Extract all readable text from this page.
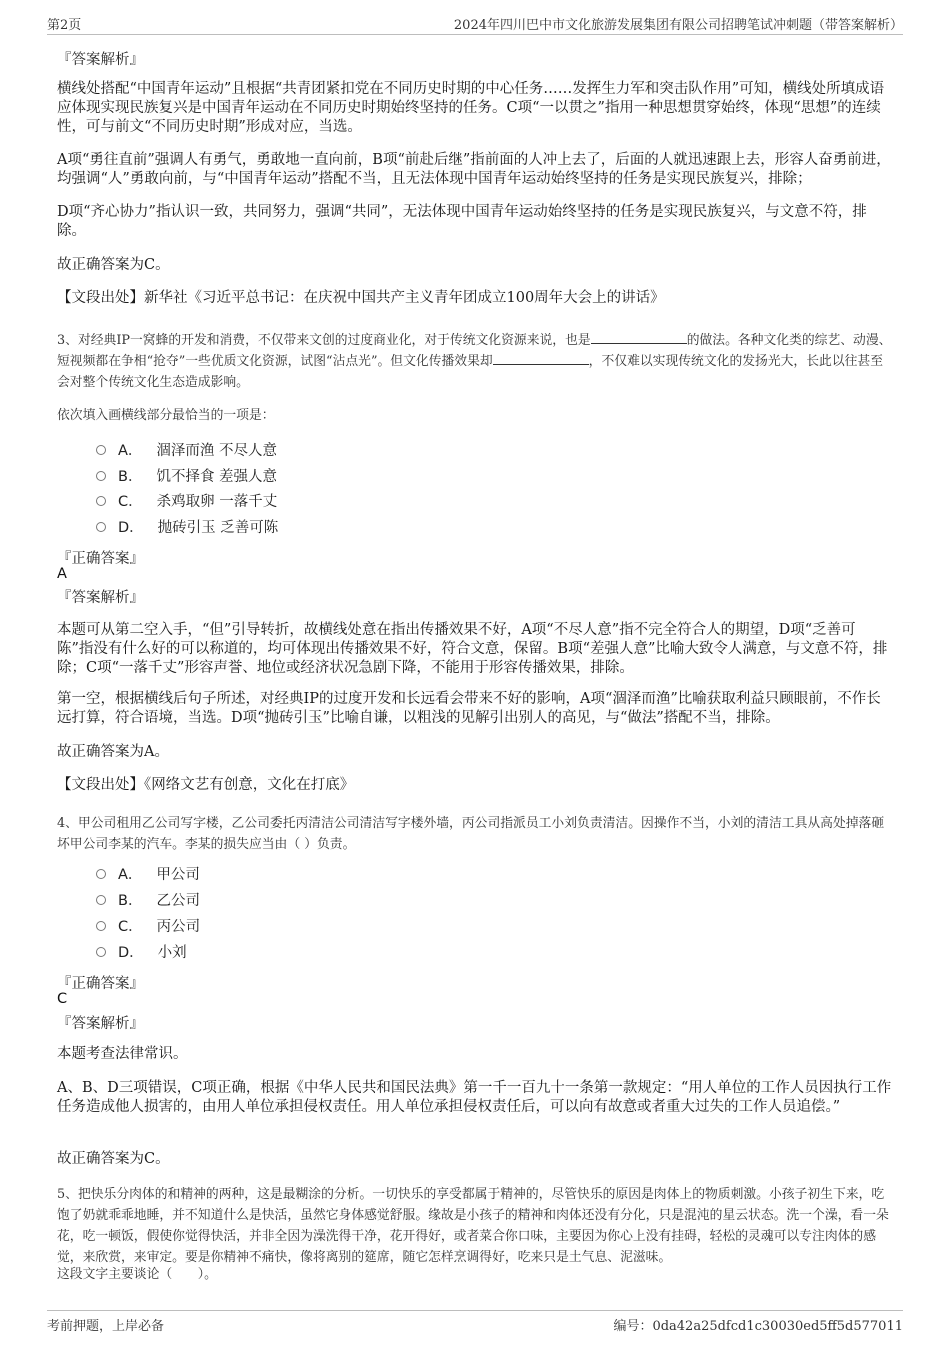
第2页	2024年四川巴中市文化旅游发展集团有限公司招聘笔试冲刺题（带答案解析）
『答案解析』

横线处搭配“中国青年运动”且根据“共青团紧扣党在不同历史时期的中心任务……发挥生力军和突击队作用”可知，横线处所填成语应体现实现民族复兴是中国青年运动在不同历史时期始终坚持的任务。C项“一以贯之”指用一种思想贯穿始终，体现“思想”的连续性，可与前文“不同历史时期”形成对应，当选。

A项“勇往直前”强调人有勇气，勇敢地一直向前，B项“前赴后继”指前面的人冲上去了，后面的人就迅速跟上去，形容人奋勇前进，均强调“人”勇敢向前，与“中国青年运动”搭配不当，且无法体现中国青年运动始终坚持的任务是实现民族复兴，排除；

D项“齐心协力”指认识一致，共同努力，强调“共同”，无法体现中国青年运动始终坚持的任务是实现民族复兴，与文意不符，排除。

故正确答案为C。

【文段出处】新华社《习近平总书记：在庆祝中国共产主义青年团成立100周年大会上的讲话》

3、对经典IP一窝蜂的开发和消费，不仅带来文创的过度商业化，对于传统文化资源来说，也是	的做法。各种文化类的综艺、动漫、短视频都在争相“抢夺”一些优质文化资源，试图“沾点光”。但文化传播效果却	，不仅难以实现传统文化的发扬光大，长此以往甚至会对整个传统文化生态造成影响。
依次填入画横线部分最恰当的一项是：
A． 涸泽而渔 不尽人意
B． 饥不择食 差强人意
C． 杀鸡取卵 一落千丈
D． 抛砖引玉 乏善可陈
『正确答案』
A
『答案解析』

本题可从第二空入手，“但”引导转折，故横线处意在指出传播效果不好，A项“不尽人意”指不完全符合人的期望，D项“乏善可陈”指没有什么好的可以称道的，均可体现出传播效果不好，符合文意，保留。B项“差强人意”比喻大致令人满意，与文意不符，排除；C项“一落千丈”形容声誉、地位或经济状况急剧下降，不能用于形容传播效果，排除。

第一空，根据横线后句子所述，对经典IP的过度开发和长远看会带来不好的影响，A项“涸泽而渔”比喻获取利益只顾眼前，不作长远打算，符合语境，当选。D项“抛砖引玉”比喻自谦，以粗浅的见解引出别人的高见，与“做法”搭配不当，排除。

故正确答案为A。

【文段出处】《网络文艺有创意，文化在打底》

4、甲公司租用乙公司写字楼，乙公司委托丙清洁公司清洁写字楼外墙，丙公司指派员工小刘负责清洁。因操作不当，小刘的清洁工具从高处掉落砸坏甲公司李某的汽车。李某的损失应当由（ ）负责。
A． 甲公司
B． 乙公司
C． 丙公司
D． 小刘
『正确答案』
C
『答案解析』

本题考查法律常识。

A、B、D三项错误，C项正确，根据《中华人民共和国民法典》第一千一百九十一条第一款规定：“用人单位的工作人员因执行工作任务造成他人损害的，由用人单位承担侵权责任。用人单位承担侵权责任后，可以向有故意或者重大过失的工作人员追偿。”

故正确答案为C。

5、把快乐分肉体的和精神的两种，这是最糊涂的分析。一切快乐的享受都属于精神的，尽管快乐的原因是肉体上的物质刺激。小孩子初生下来，吃饱了奶就乖乖地睡，并不知道什么是快活，虽然它身体感觉舒服。缘故是小孩子的精神和肉体还没有分化，只是混沌的星云状态。洗一个澡，看一朵花，吃一顿饭，假使你觉得快活，并非全因为澡洗得干净，花开得好，或者菜合你口味，主要因为你心上没有挂碍，轻松的灵魂可以专注肉体的感觉，来欣赏，来审定。要是你精神不痛快，像将离别的筵席，随它怎样烹调得好，吃来只是土气息、泥滋味。
这段文字主要谈论（　　）。
考前押题，上岸必备	编号：0da42a25dfcd1c30030ed5ff5d577011
